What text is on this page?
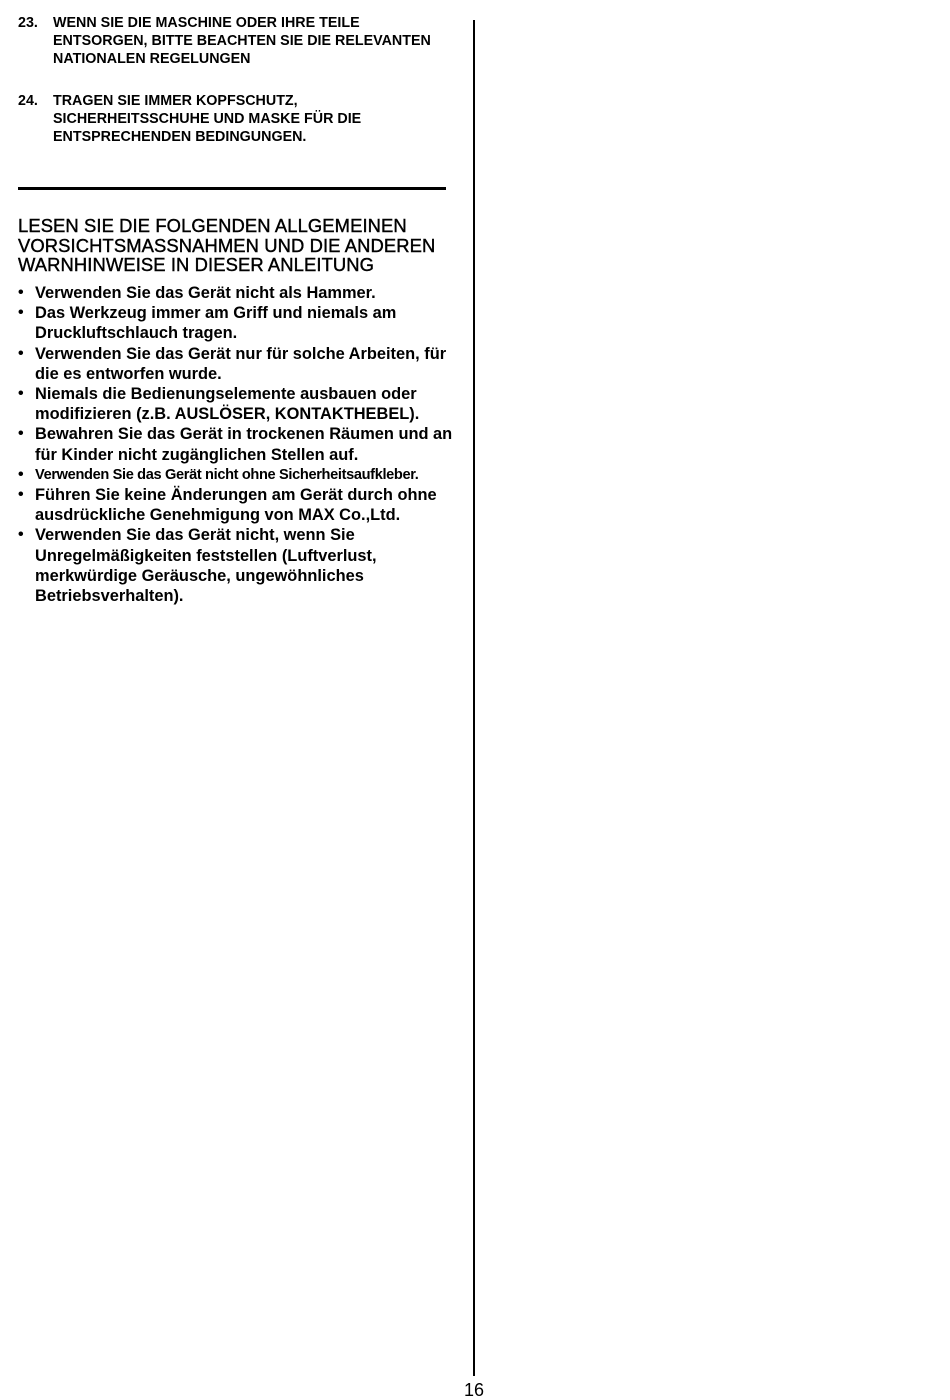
23. WENN SIE DIE MASCHINE ODER IHRE TEILE ENTSORGEN, BITTE BEACHTEN SIE DIE RELEVANTEN NATIONALEN REGELUNGEN
24. TRAGEN SIE IMMER KOPFSCHUTZ, SICHERHEITSSCHUHE UND MASKE FÜR DIE ENTSPRECHENDEN BEDINGUNGEN.
LESEN SIE DIE FOLGENDEN ALLGEMEINEN VORSICHTSMASSNAHMEN UND DIE ANDEREN WARNHINWEISE IN DIESER ANLEITUNG
• Verwenden Sie das Gerät nicht als Hammer.
• Das Werkzeug immer am Griff und niemals am Druckluftschlauch tragen.
• Verwenden Sie das Gerät nur für solche Arbeiten, für die es entworfen wurde.
• Niemals die Bedienungselemente ausbauen oder modifizieren (z.B. AUSLÖSER, KONTAKTHEBEL).
• Bewahren Sie das Gerät in trockenen Räumen und an für Kinder nicht zugänglichen Stellen auf.
• Verwenden Sie das Gerät nicht ohne Sicherheitsaufkleber.
• Führen Sie keine Änderungen am Gerät durch ohne ausdrückliche Genehmigung von MAX Co.,Ltd.
• Verwenden Sie das Gerät nicht, wenn Sie Unregelmäßigkeiten feststellen (Luftverlust, merkwürdige Geräusche, ungewöhnliches Betriebsverhalten).
16
